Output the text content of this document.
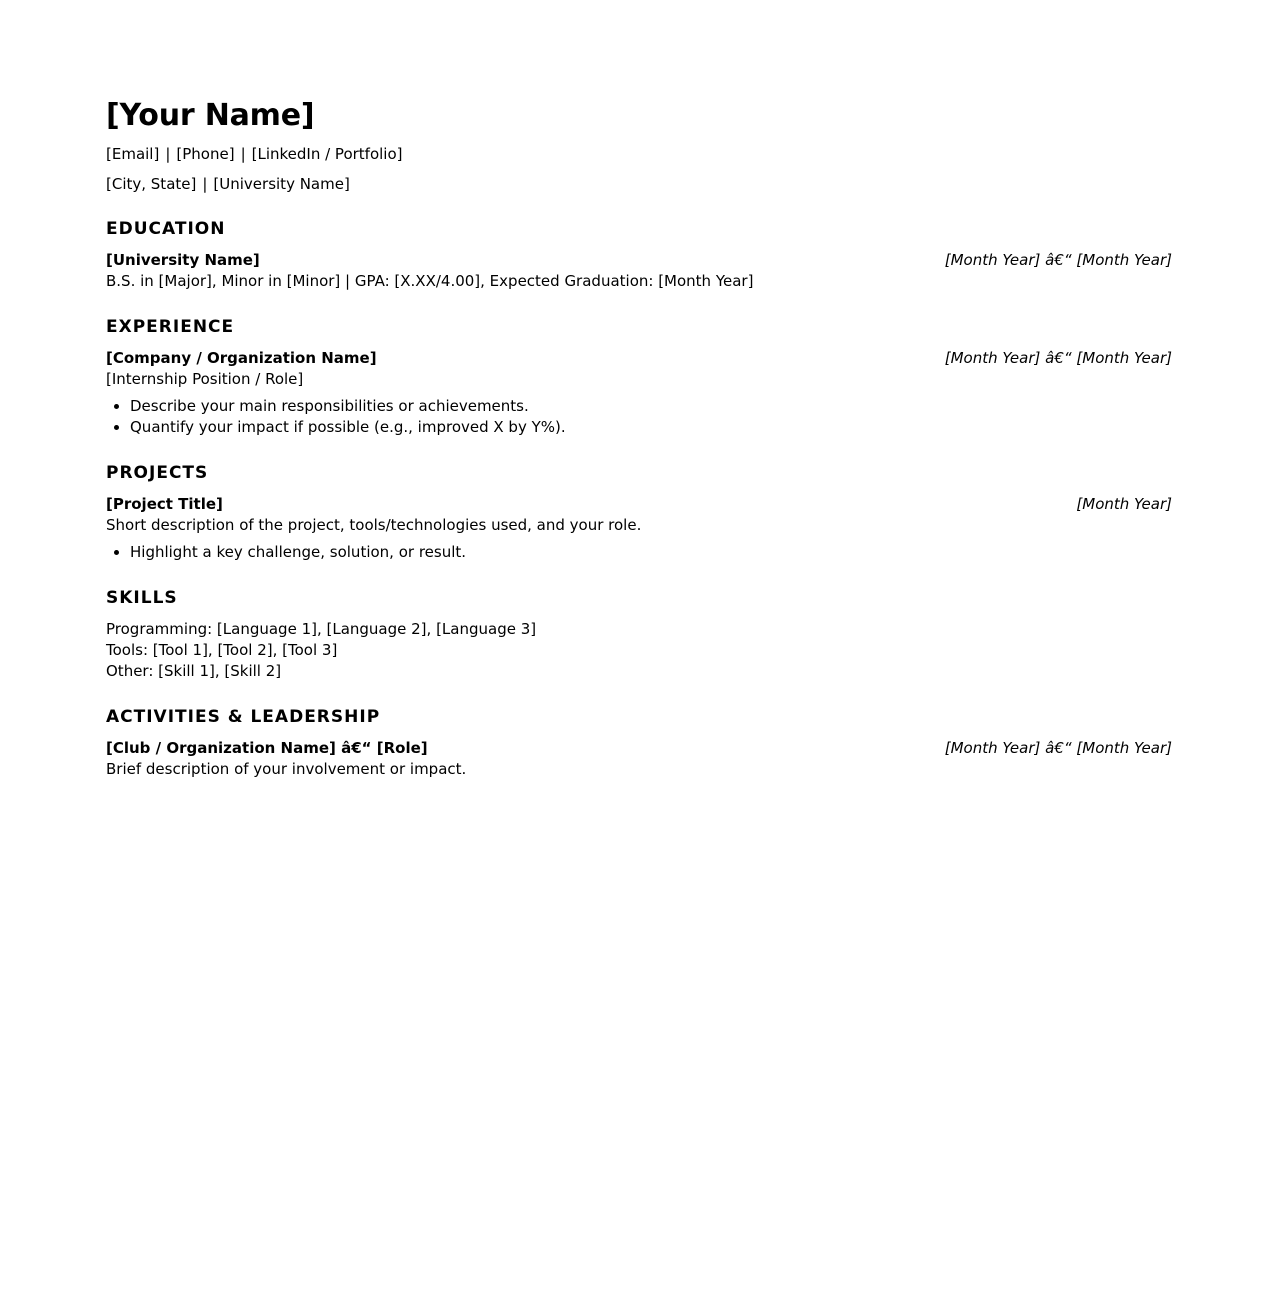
[Your Name]
[Email] | [Phone] | [LinkedIn / Portfolio]
[City, State] | [University Name]
EDUCATION
[University Name]	[Month Year] â€“ [Month Year]
B.S. in [Major], Minor in [Minor] | GPA: [X.XX/4.00], Expected Graduation: [Month Year]
EXPERIENCE
[Company / Organization Name]	[Month Year] â€“ [Month Year]
[Internship Position / Role]
• Describe your main responsibilities or achievements.
• Quantify your impact if possible (e.g., improved X by Y%).
PROJECTS
[Project Title]	[Month Year]
Short description of the project, tools/technologies used, and your role.
• Highlight a key challenge, solution, or result.
SKILLS
Programming: [Language 1], [Language 2], [Language 3]
Tools: [Tool 1], [Tool 2], [Tool 3]
Other: [Skill 1], [Skill 2]
ACTIVITIES & LEADERSHIP
[Club / Organization Name] â€“ [Role]	[Month Year] â€“ [Month Year]
Brief description of your involvement or impact.
